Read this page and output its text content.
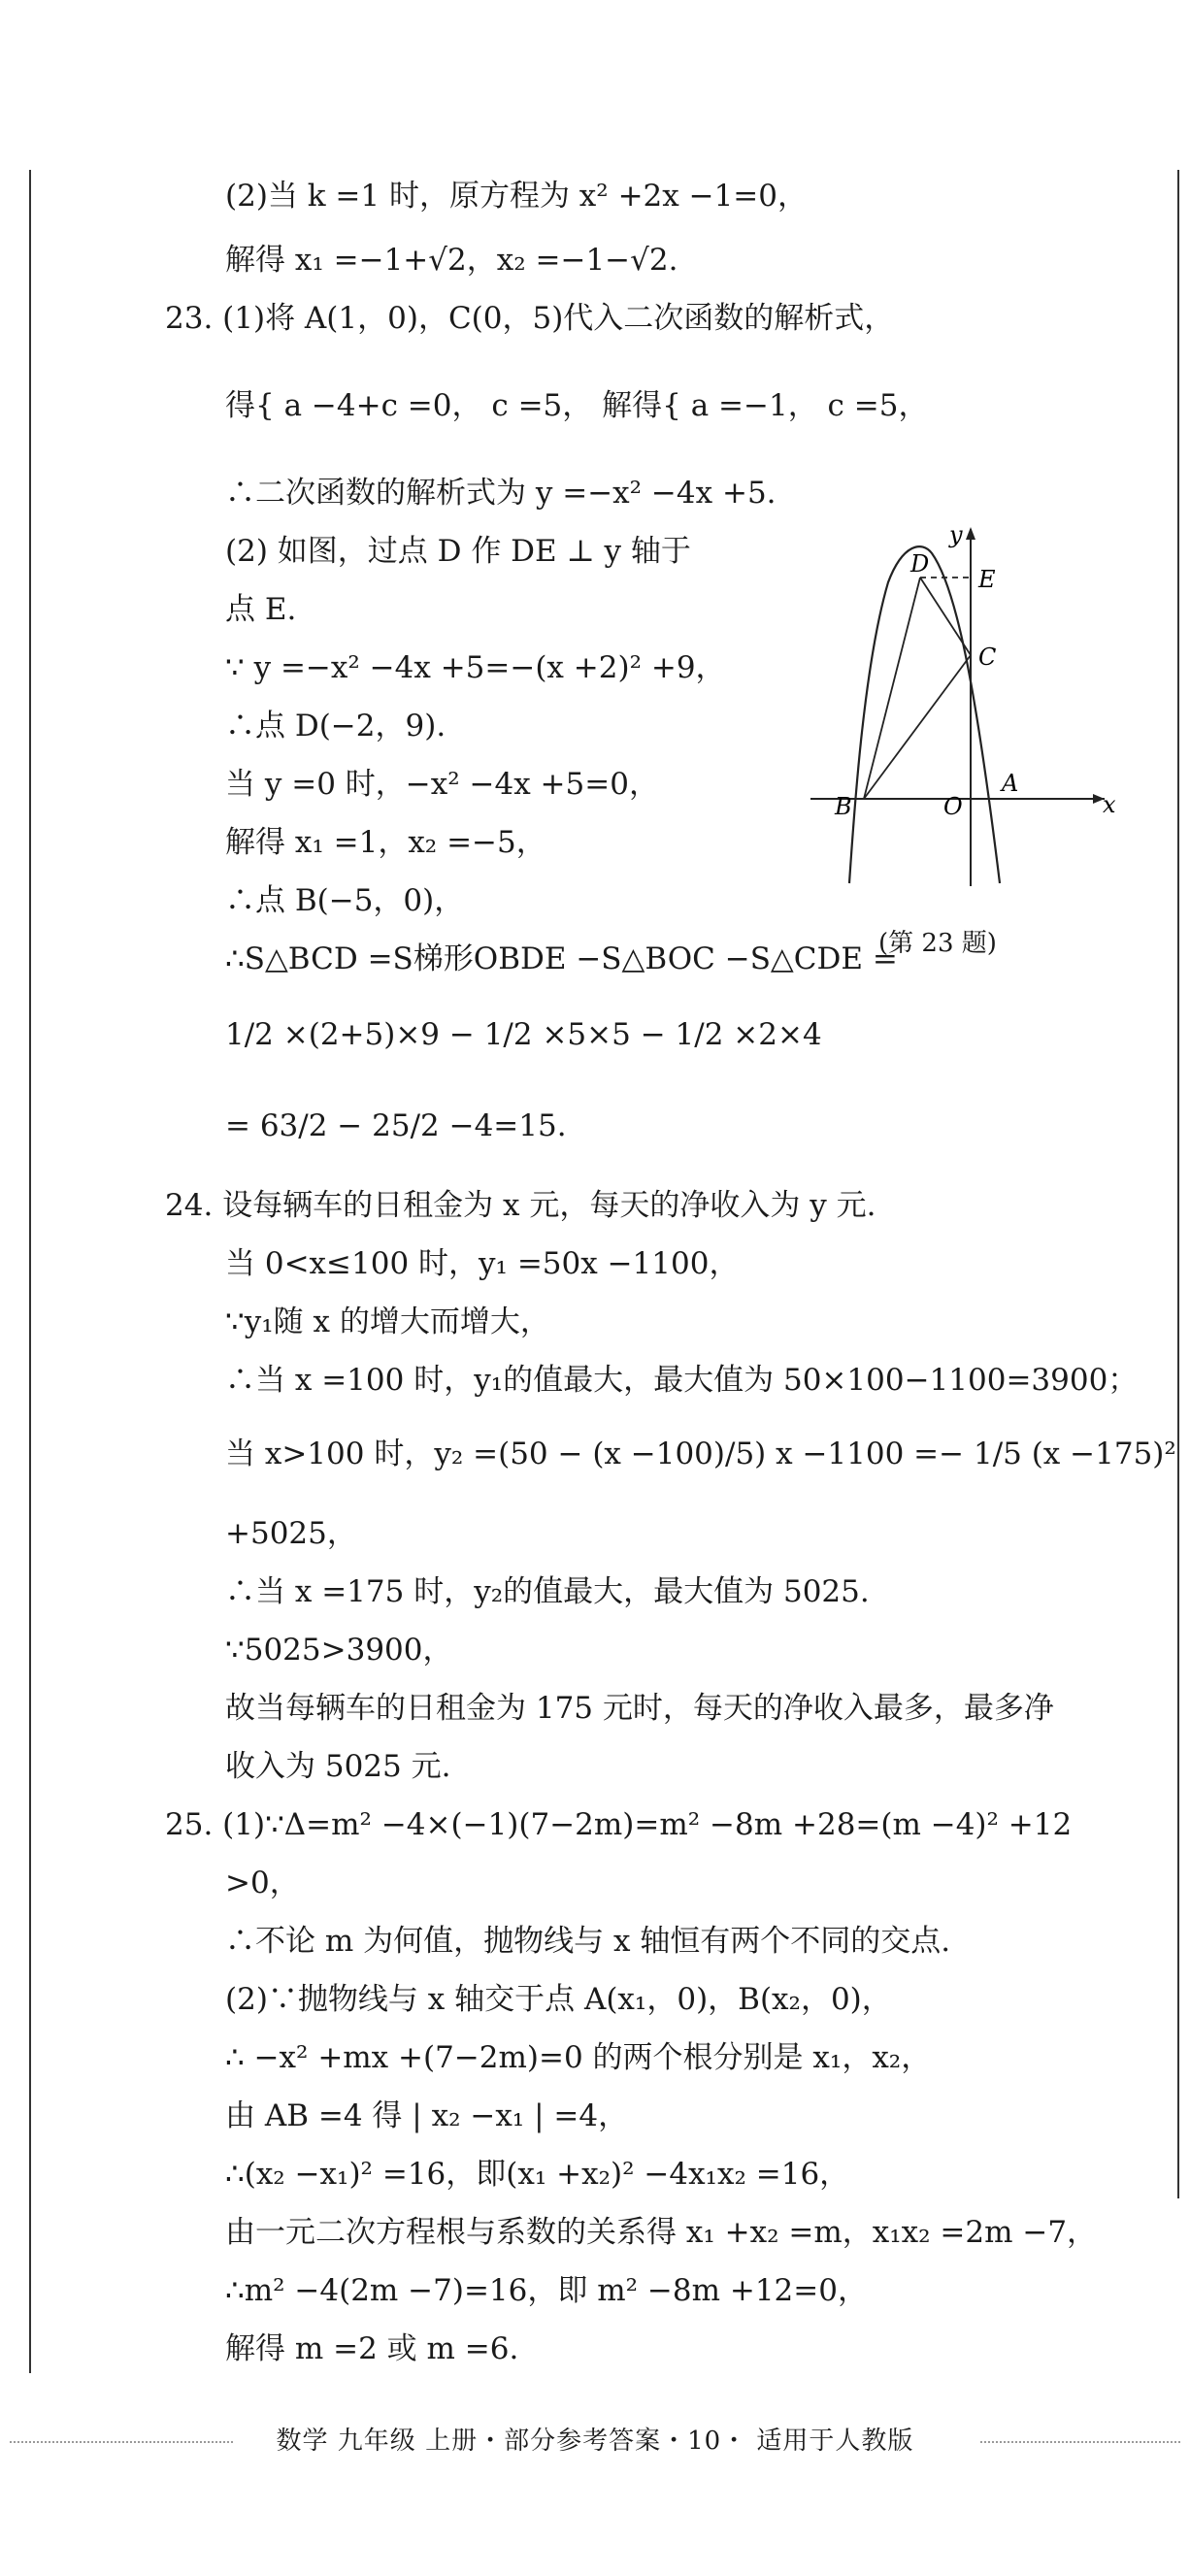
(2)当 k =1 时，原方程为 x² +2x −1=0，
解得 x₁ =−1+√2，x₂ =−1−√2.
23. (1)将 A(1，0)，C(0，5)代入二次函数的解析式，
得{ a −4+c =0， c =5， 解得{ a =−1， c =5，
∴二次函数的解析式为 y =−x² −4x +5.
(2) 如图，过点 D 作 DE ⊥ y 轴于
点 E.
∵ y =−x² −4x +5=−(x +2)² +9，
∴点 D(−2，9).
当 y =0 时，−x² −4x +5=0，
解得 x₁ =1，x₂ =−5，
∴点 B(−5，0)，
∴S△BCD =S梯形OBDE −S△BOC −S△CDE =
1/2 ×(2+5)×9 − 1/2 ×5×5 − 1/2 ×2×4
= 63/2 − 25/2 −4=15.
24. 设每辆车的日租金为 x 元，每天的净收入为 y 元.
当 0<x≤100 时，y₁ =50x −1100，
∵y₁随 x 的增大而增大，
∴当 x =100 时，y₁的值最大，最大值为 50×100−1100=3900；
当 x>100 时，y₂ =(50 − (x −100)/5) x −1100 =− 1/5 (x −175)²
+5025，
∴当 x =175 时，y₂的值最大，最大值为 5025.
∵5025>3900，
故当每辆车的日租金为 175 元时，每天的净收入最多，最多净
收入为 5025 元.
25. (1)∵Δ=m² −4×(−1)(7−2m)=m² −8m +28=(m −4)² +12
>0，
∴不论 m 为何值，抛物线与 x 轴恒有两个不同的交点.
(2)∵抛物线与 x 轴交于点 A(x₁，0)，B(x₂，0)，
∴ −x² +mx +(7−2m)=0 的两个根分别是 x₁，x₂，
由 AB =4 得 | x₂ −x₁ | =4，
∴(x₂ −x₁)² =16，即(x₁ +x₂)² −4x₁x₂ =16，
由一元二次方程根与系数的关系得 x₁ +x₂ =m，x₁x₂ =2m −7，
∴m² −4(2m −7)=16，即 m² −8m +12=0，
解得 m =2 或 m =6.
y
x
D
E
C
B	O
A
(第 23 题)
数学 九年级 上册・部分参考答案・10・ 适用于人教版
